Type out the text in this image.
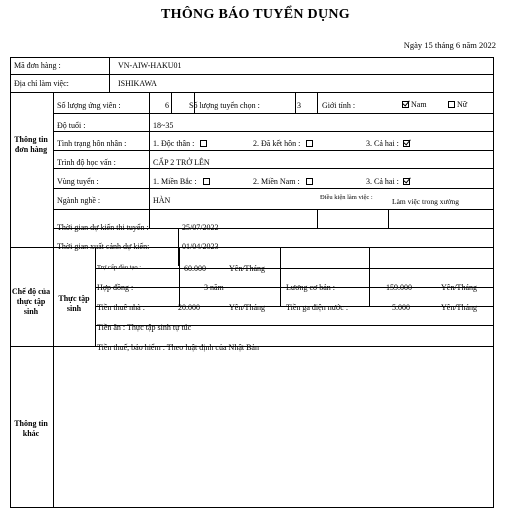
THÔNG BÁO TUYỂN DỤNG
Ngày 15 tháng 6 năm 2022
Mã đơn hàng :	VN-AIW-HAKU01
Địa chỉ làm việc:	ISHIKAWA
Thông tin đơn hàng
Chế độ của thực tập sinh
Thực tập sinh
Thông tin khác
Số lượng ứng viên :	6	Số lượng tuyển chọn :	3	Giới tính :	Nam	Nữ
Độ tuổi :	18~35
Tình trạng hôn nhân :	1. Độc thân :	2. Đã kết hôn :	3. Cả hai :
Trình độ học vấn :	CẤP 2 TRỞ LÊN
Vùng tuyển :	1. Miền Bắc :	2. Miền Nam :	3. Cả hai :
Ngành nghề :	HÀN	Điều kiện làm việc :	Làm việc trong xưởng
Thời gian dự kiến thi tuyển :	25/07/2022
Thời gian xuất cảnh dự kiến:	01/04/2023
Trợ cấp đào tạo :	60.000	Yên/Tháng
Hợp đồng :	3 năm	Lương cơ bản :	159.000	Yên/Tháng
Tiền thuê nhà :	20.000	Yên/Tháng	Tiền ga điện nước :	5.000	Yên/Tháng
Tiền ăn : Thực tập sinh tự túc
Tiền thuế, bảo hiểm : Theo luật định của Nhật Bản
